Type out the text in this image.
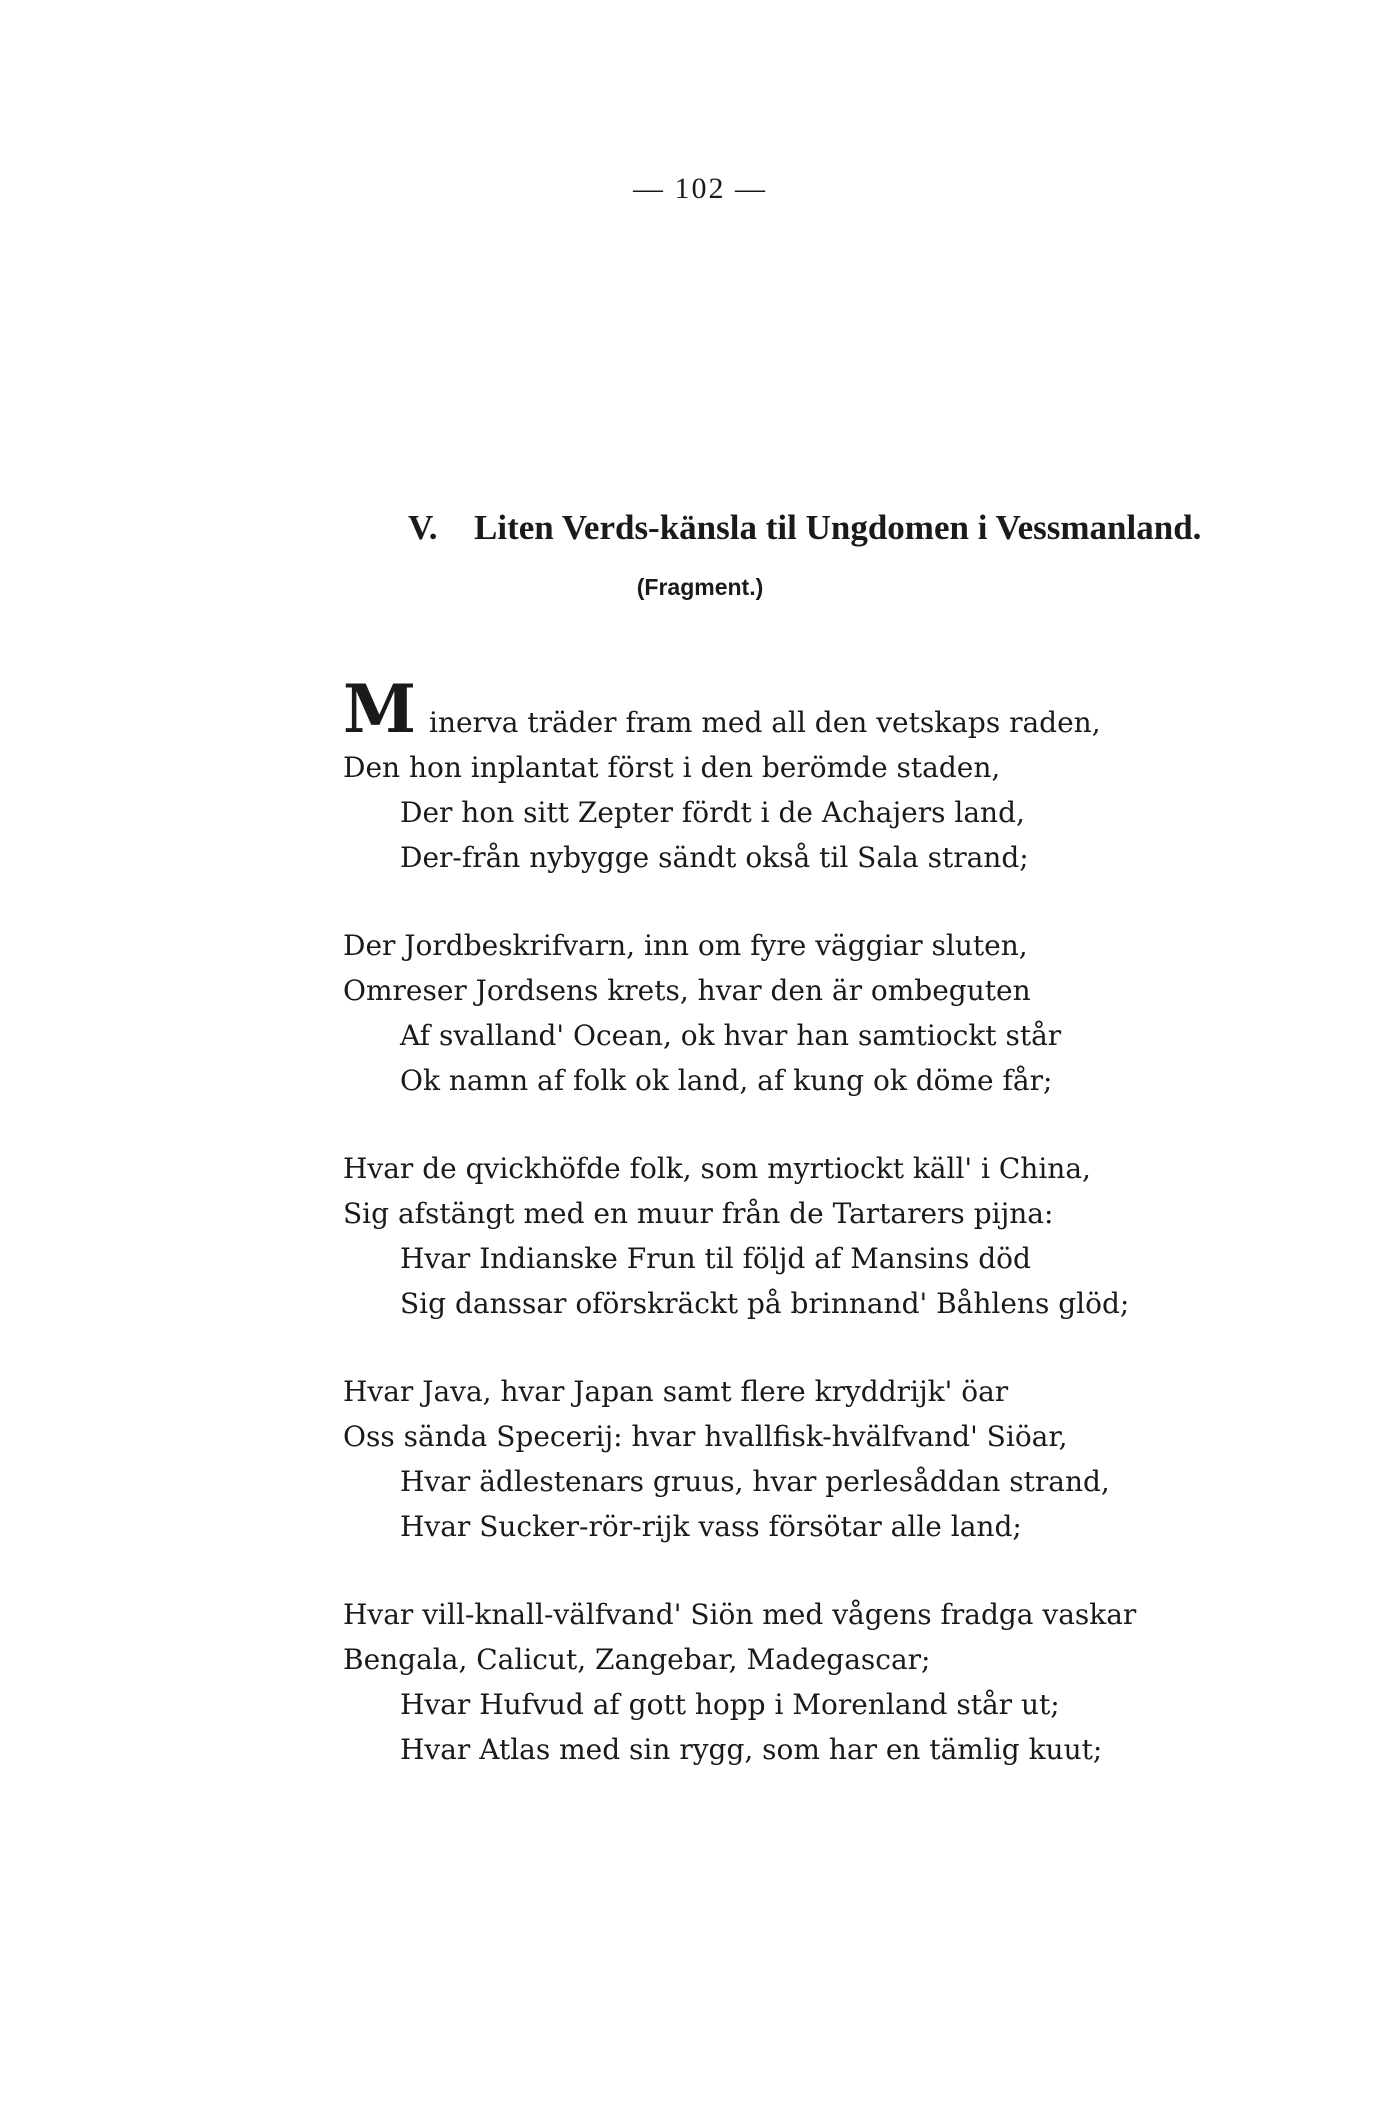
— 102 —
V. Liten Verds-känsla til Ungdomen i Vessmanland.
(Fragment.)
M inerva träder fram med all den vetskaps raden,
Den hon inplantat först i den berömde staden,
Der hon sitt Zepter fördt i de Achajers land,
Der-från nybygge sändt okså til Sala strand;
Der Jordbeskrifvarn, inn om fyre väggiar sluten,
Omreser Jordsens krets, hvar den är ombeguten
Af svalland' Ocean, ok hvar han samtiockt står
Ok namn af folk ok land, af kung ok döme får;
Hvar de qvickhöfde folk, som myrtiockt käll' i China,
Sig afstängt med en muur från de Tartarers pijna:
Hvar Indianske Frun til följd af Mansins död
Sig danssar oförskräckt på brinnand' Båhlens glöd;
Hvar Java, hvar Japan samt flere kryddrijk' öar
Oss sända Specerij: hvar hvallfisk-hvälfvand' Siöar,
Hvar ädlestenars gruus, hvar perlesåddan strand,
Hvar Sucker-rör-rijk vass försötar alle land;
Hvar vill-knall-välfvand' Siön med vågens fradga vaskar
Bengala, Calicut, Zangebar, Madegascar;
Hvar Hufvud af gott hopp i Morenland står ut;
Hvar Atlas med sin rygg, som har en tämlig kuut;
